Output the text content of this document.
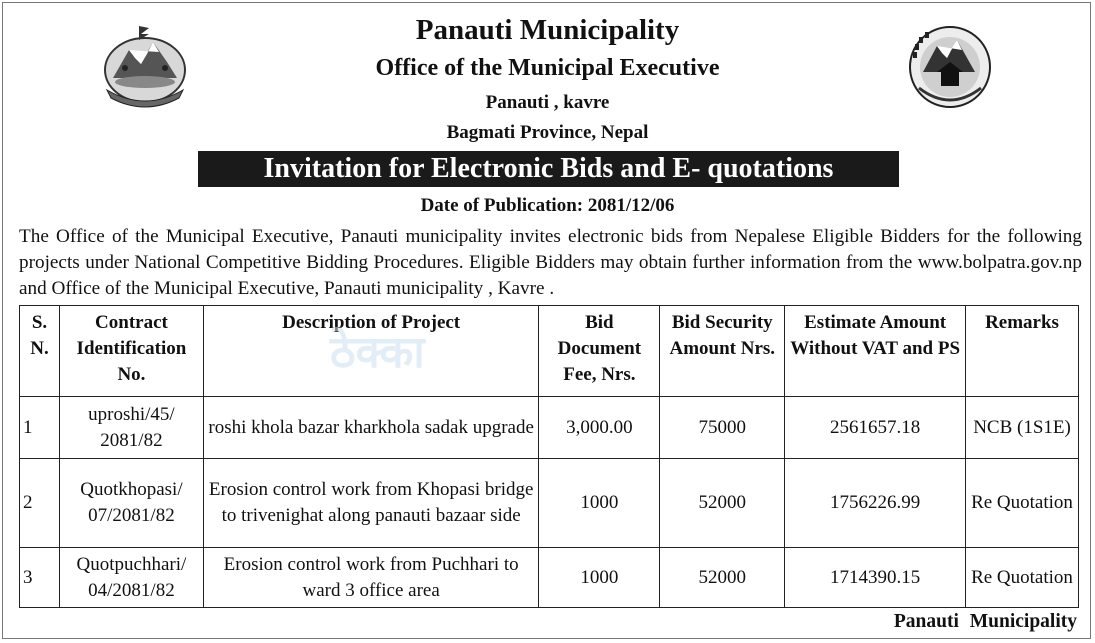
Panauti Municipality
Office of the Municipal Executive
Panauti , kavre
Bagmati Province, Nepal
Invitation for Electronic Bids and E- quotations
Date of Publication: 2081/12/06
The Office of the Municipal Executive, Panauti municipality invites electronic bids from Nepalese Eligible Bidders for the following projects under National Competitive Bidding Procedures. Eligible Bidders may obtain further information from the www.bolpatra.gov.np and Office of the Municipal Executive, Panauti municipality , Kavre .
S. N.	Contract Identification No.	Description of Project	Bid Document Fee, Nrs.	Bid Security Amount Nrs.	Estimate Amount Without VAT and PS	Remarks
1	uproshi/45/ 2081/82	roshi khola bazar kharkhola sadak upgrade	3,000.00	75000	2561657.18	NCB (1S1E)
2	Quotkhopasi/ 07/2081/82	Erosion control work from Khopasi bridge to trivenighat along panauti bazaar side	1000	52000	1756226.99	Re Quotation
3	Quotpuchhari/ 04/2081/82	Erosion control work from Puchhari to ward 3 office area	1000	52000	1714390.15	Re Quotation
ठेक्का
Panauti Municipality
